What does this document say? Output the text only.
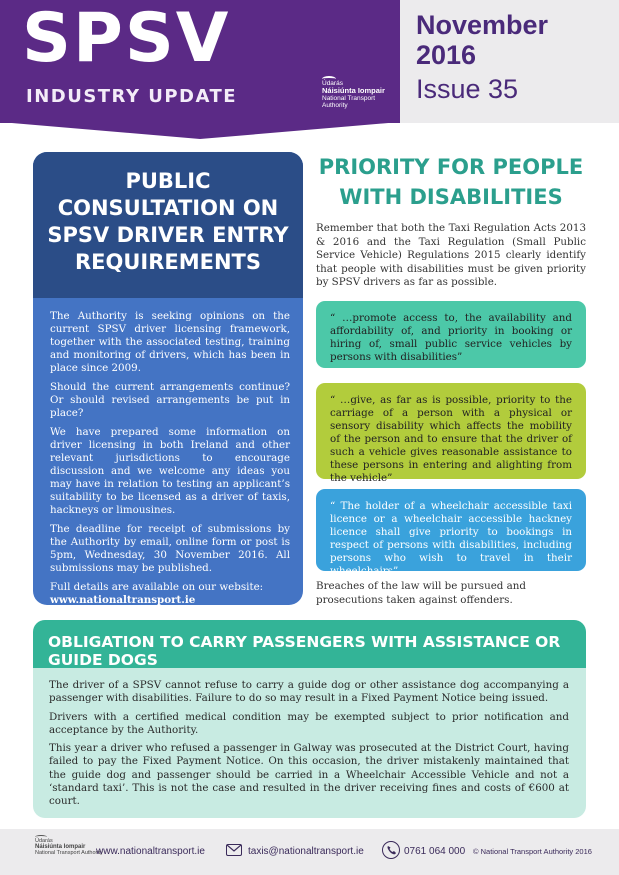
SPSV
INDUSTRY UPDATE
Údarás
Náisiúnta Iompair
National Transport Authority
November 2016
Issue 35
PUBLIC CONSULTATION ON SPSV DRIVER ENTRY REQUIREMENTS

The Authority is seeking opinions on the current SPSV driver licensing framework, together with the associated testing, training and monitoring of drivers, which has been in place since 2009.

Should the current arrangements continue? Or should revised arrangements be put in place?

We have prepared some information on driver licensing in both Ireland and other relevant jurisdictions to encourage discussion and we welcome any ideas you may have in relation to testing an applicant’s suitability to be licensed as a driver of taxis, hackneys or limousines.

The deadline for receipt of submissions by the Authority by email, online form or post is 5pm, Wednesday, 30 November 2016. All submissions may be published.

Full details are available on our website:
www.nationaltransport.ie

PRIORITY FOR PEOPLE WITH DISABILITIES
Remember that both the Taxi Regulation Acts 2013 & 2016 and the Taxi Regulation (Small Public Service Vehicle) Regulations 2015 clearly identify that people with disabilities must be given priority by SPSV drivers as far as possible.
“ …promote access to, the availability and affordability of, and priority in booking or hiring of, small public service vehicles by persons with disabilities”
“ …give, as far as is possible, priority to the carriage of a person with a physical or sensory disability which affects the mobility of the person and to ensure that the driver of such a vehicle gives reasonable assistance to these persons in entering and alighting from the vehicle”
“ The holder of a wheelchair accessible taxi licence or a wheelchair accessible hackney licence shall give priority to bookings in respect of persons with disabilities, including persons who wish to travel in their wheelchairs”
Breaches of the law will be pursued and prosecutions taken against offenders.
OBLIGATION TO CARRY PASSENGERS WITH ASSISTANCE OR GUIDE DOGS

The driver of a SPSV cannot refuse to carry a guide dog or other assistance dog accompanying a passenger with disabilities. Failure to do so may result in a Fixed Payment Notice being issued.

Drivers with a certified medical condition may be exempted subject to prior notification and acceptance by the Authority.

This year a driver who refused a passenger in Galway was prosecuted at the District Court, having failed to pay the Fixed Payment Notice. On this occasion, the driver mistakenly maintained that the guide dog and passenger should be carried in a Wheelchair Accessible Vehicle and not a ‘standard taxi’. This is not the case and resulted in the driver receiving fines and costs of €600 at court.

Údarás
Náisiúnta Iompair
National Transport Authority
www.nationaltransport.ie	taxis@nationaltransport.ie	0761 064 000 © National Transport Authority 2016
